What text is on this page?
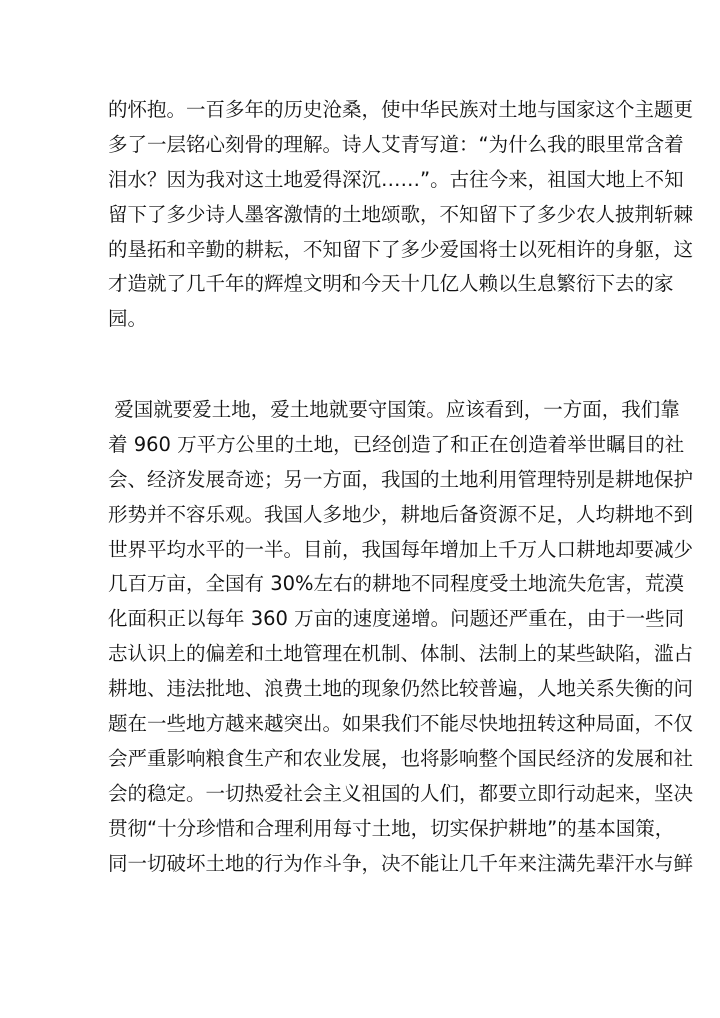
的怀抱。一百多年的历史沧桑，使中华民族对土地与国家这个主题更
多了一层铭心刻骨的理解。诗人艾青写道：“为什么我的眼里常含着
泪水？因为我对这土地爱得深沉……”。古往今来，祖国大地上不知
留下了多少诗人墨客激情的土地颂歌，不知留下了多少农人披荆斩棘
的垦拓和辛勤的耕耘，不知留下了多少爱国将士以死相许的身躯，这
才造就了几千年的辉煌文明和今天十几亿人赖以生息繁衍下去的家
园。
爱国就要爱土地，爱土地就要守国策。应该看到，一方面，我们靠
着 960 万平方公里的土地，已经创造了和正在创造着举世瞩目的社
会、经济发展奇迹；另一方面，我国的土地利用管理特别是耕地保护
形势并不容乐观。我国人多地少，耕地后备资源不足，人均耕地不到
世界平均水平的一半。目前，我国每年增加上千万人口耕地却要减少
几百万亩，全国有 30%左右的耕地不同程度受土地流失危害，荒漠
化面积正以每年 360 万亩的速度递增。问题还严重在，由于一些同
志认识上的偏差和土地管理在机制、体制、法制上的某些缺陷，滥占
耕地、违法批地、浪费土地的现象仍然比较普遍，人地关系失衡的问
题在一些地方越来越突出。如果我们不能尽快地扭转这种局面，不仅
会严重影响粮食生产和农业发展，也将影响整个国民经济的发展和社
会的稳定。一切热爱社会主义祖国的人们，都要立即行动起来，坚决
贯彻“十分珍惜和合理利用每寸土地，切实保护耕地”的基本国策，
同一切破坏土地的行为作斗争，决不能让几千年来注满先辈汗水与鲜
